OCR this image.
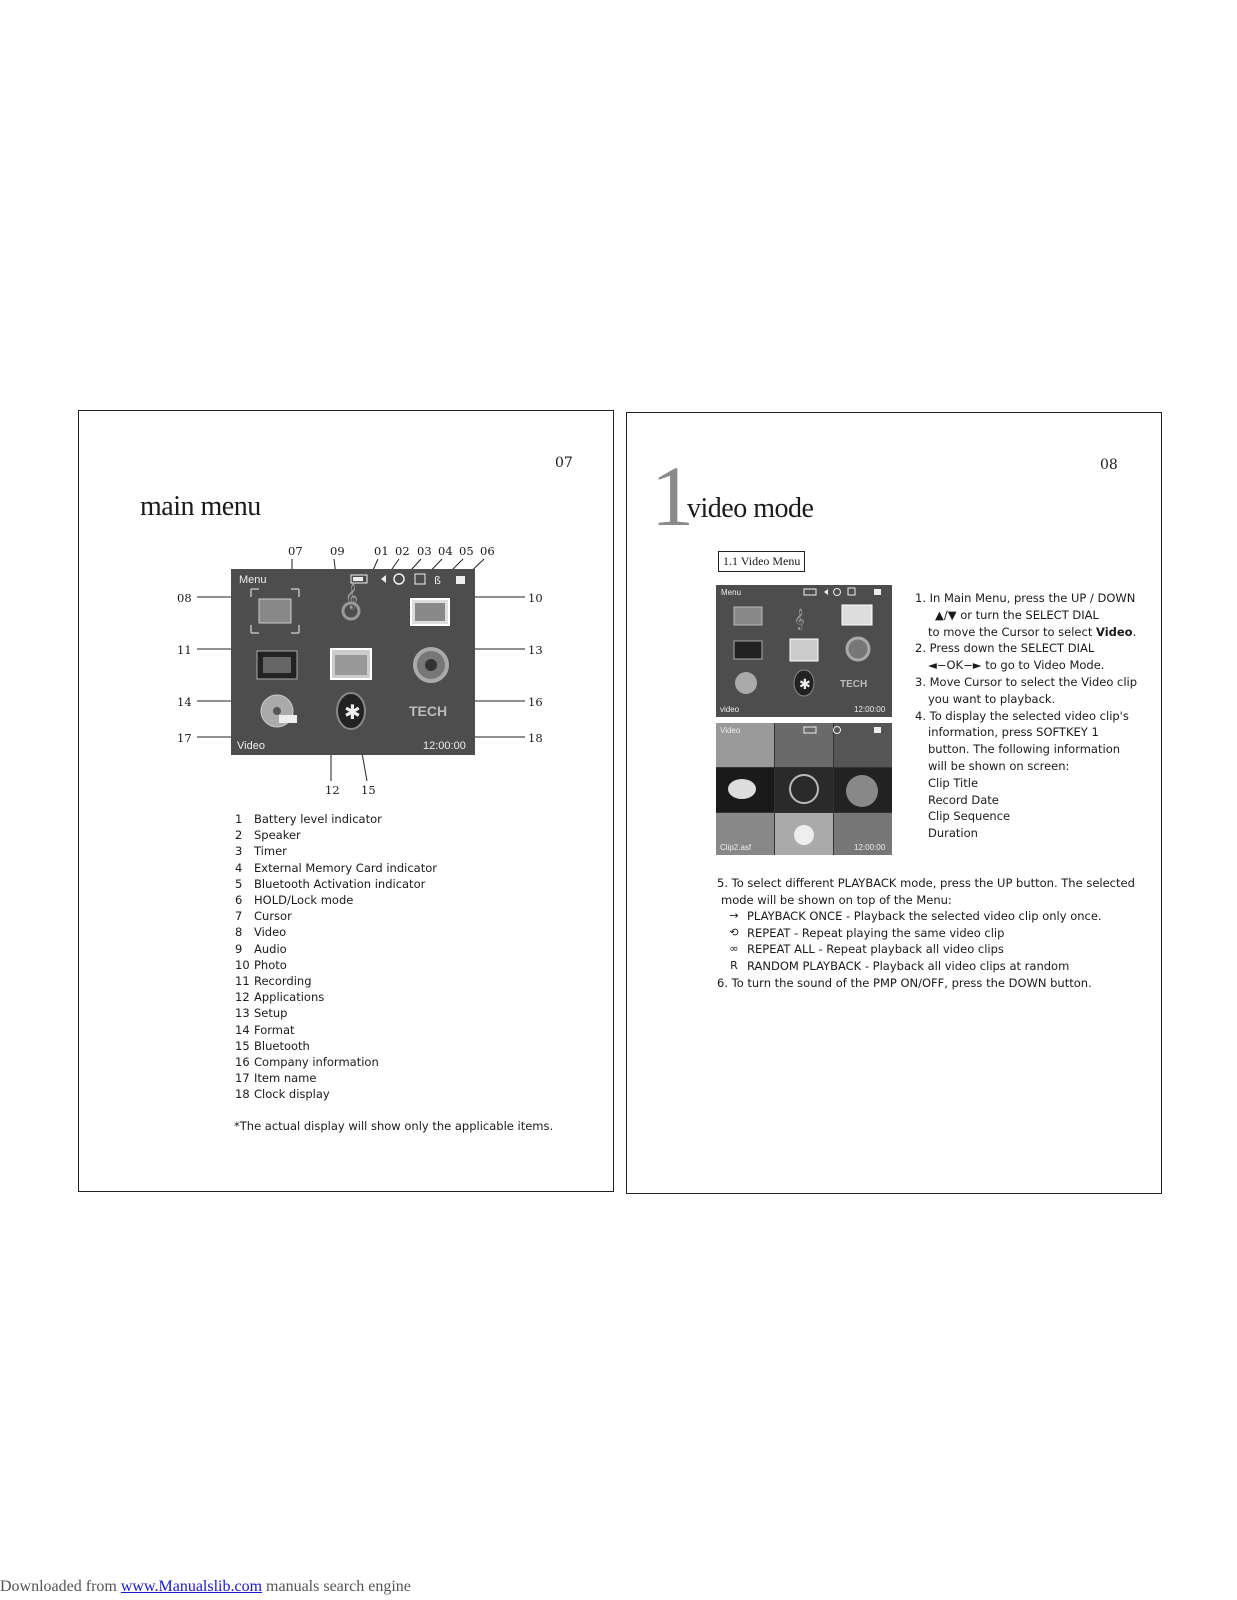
07
main menu
07 09	01 02 03 04 05 06
08	10
11	13
14	16
17	18
12 15
Menu	ß
𝄞
✱	TECH
Video	12:00:00
1	Battery level indicator
2	Speaker
3	Timer
4	External Memory Card indicator
5	Bluetooth Activation indicator
6	HOLD/Lock mode
7	Cursor
8	Video
9	Audio
10 Photo
11 Recording
12 Applications
13 Setup
14 Format
15 Bluetooth
16 Company information
17 Item name
18 Clock display
*The actual display will show only the applicable items.
08
1
video mode
1.1 Video Menu
Menu
𝄞
✱	TECH
video	12:00:00
Video
Clip2.asf	12:00:00
1. In Main Menu, press the UP / DOWN
▲/▼ or turn the SELECT DIAL
to move the Cursor to select Video.
2. Press down the SELECT DIAL
◄−OK−► to go to Video Mode.
3. Move Cursor to select the Video clip
you want to playback.
4. To display the selected video clip's
information, press SOFTKEY 1
button. The following information
will be shown on screen:
Clip Title
Record Date
Clip Sequence
Duration
5. To select different PLAYBACK mode, press the UP button. The selected
mode will be shown on top of the Menu:
→ PLAYBACK ONCE - Playback the selected video clip only once.
⟲ REPEAT - Repeat playing the same video clip
∞ REPEAT ALL - Repeat playback all video clips
R RANDOM PLAYBACK - Playback all video clips at random
6. To turn the sound of the PMP ON/OFF, press the DOWN button.
Downloaded from www.Manualslib.com manuals search engine
